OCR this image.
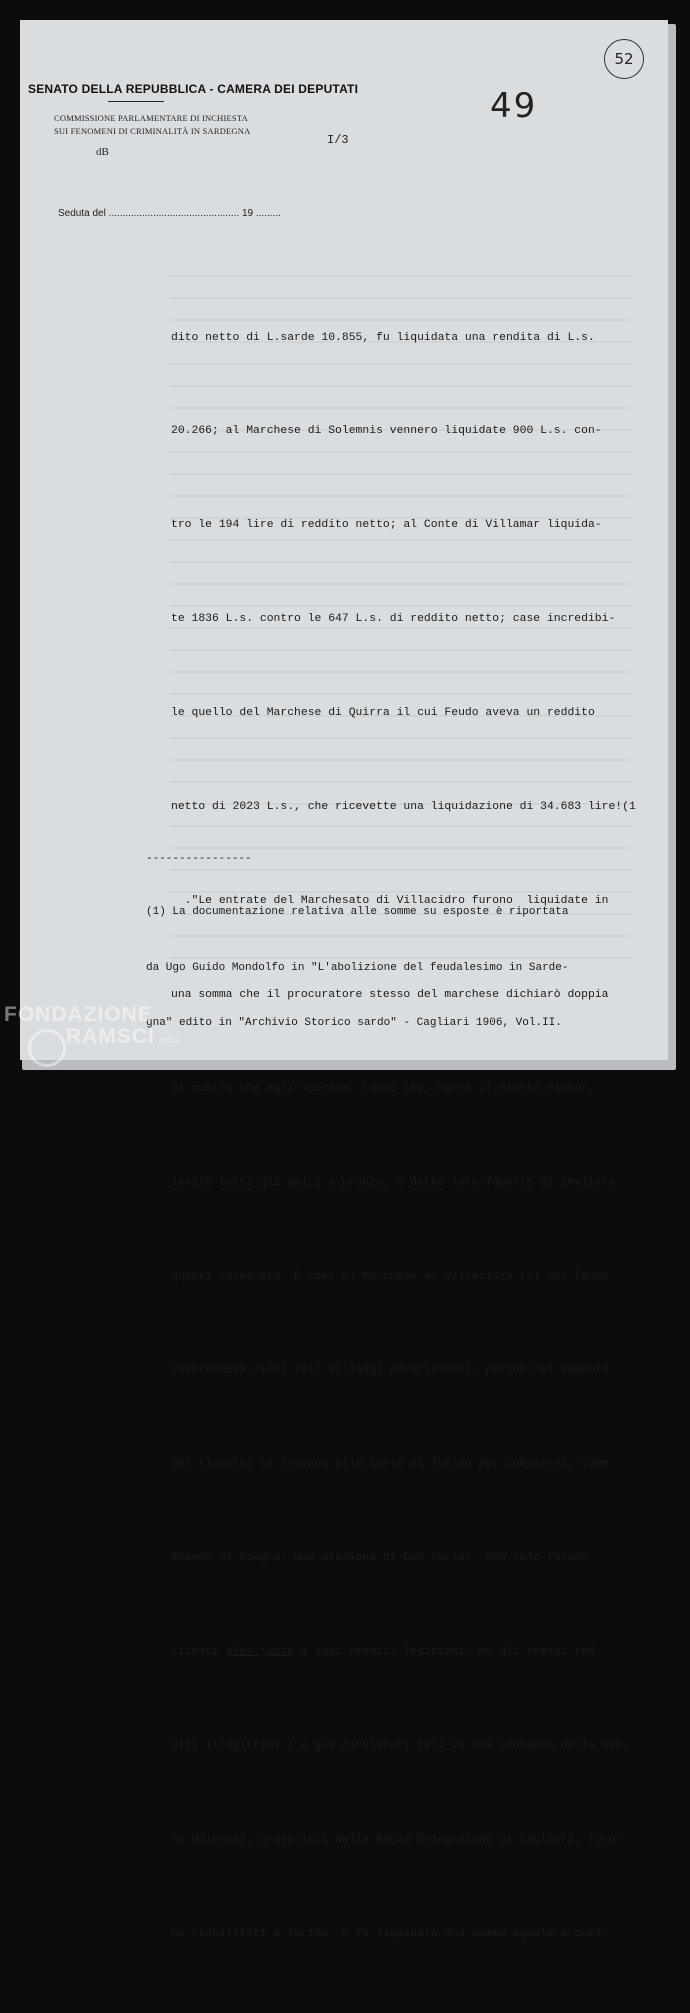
52
49
SENATO DELLA REPUBBLICA - CAMERA DEI DEPUTATI
COMMISSIONE PARLAMENTARE DI INCHIESTA
SUI FENOMENI DI CRIMINALITÀ IN SARDEGNA
dB
I/3
Seduta del ............................................... 19 .........

dito netto di L.sarde 10.855, fu liquidata una rendita di L.s.

20.266; al Marchese di Solemnis vennero liquidate 900 L.s. con-

tro le 194 lire di reddito netto; al Conte di Villamar liquida-

te 1836 L.s. contro le 647 L.s. di reddito netto; case incredibi-

le quello del Marchese di Quirra il cui Feudo aveva un reddito

netto di 2023 L.s., che ricevette una liquidazione di 34.683 lire!(1

."Le entrate del Marchesato di Villacidro furono  liquidate in

una somma che il procuratore stesso del marchese dichiarò doppia

di quella che egli sperava, tanto che, narra il Siotto Pintor,

invitò tutti gli amici a pranzo, e dette loro facoltà di invitare

quanti volessero. E così al Marchese di Villacidro (il cui feudo

comprendeva dieci soli villaggi poverissimi), perché nel momento

del riscatto si trovava alla Corte di Torino per compiervi, come

Grande di Spagna, una missione di Don Carlos, non solo furono

stimati plus justo i suoi redditi legittimi, ma gli stessi red-

diti illegittimi ( e già dichiarati tali in una sentenza della Rea-

le Udienza), proscritti dalla Regia Delegazione di Cagliari, furo-

no riabilitati a Torino, e fu liquidata una somma eguale a quel-

----------------

(1) La documentazione relativa alle somme su esposte è riportata

da Ugo Guido Mondolfo in "L'abolizione del feudalesimo in Sarde-

gna" edito in "Archivio Storico sardo" - Cagliari 1906, Vol.II.

FONDAZIONE
RAMSCI onlus
